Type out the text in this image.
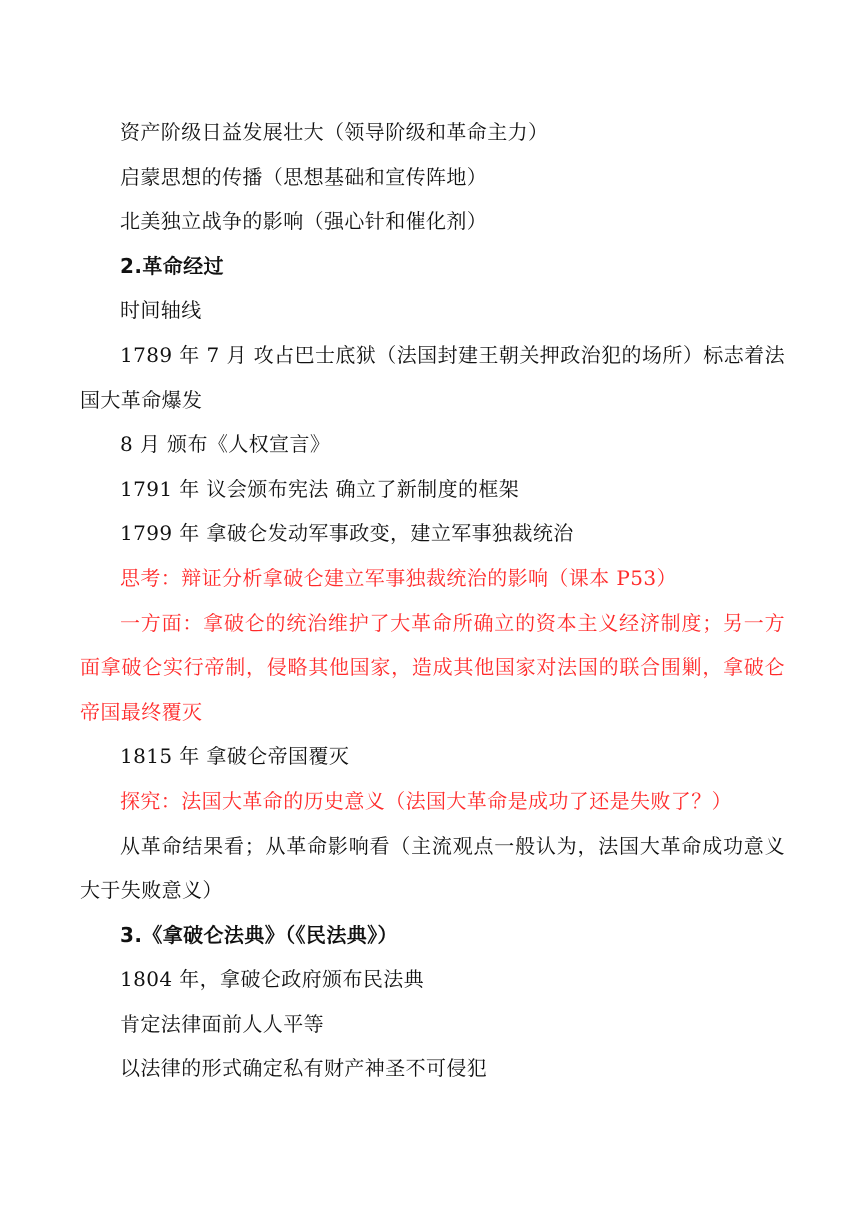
资产阶级日益发展壮大（领导阶级和革命主力）

启蒙思想的传播（思想基础和宣传阵地）

北美独立战争的影响（强心针和催化剂）

2.革命经过

时间轴线

1789 年 7 月 攻占巴士底狱（法国封建王朝关押政治犯的场所）标志着法国大革命爆发

8 月 颁布《人权宣言》

1791 年 议会颁布宪法 确立了新制度的框架

1799 年 拿破仑发动军事政变，建立军事独裁统治

思考：辩证分析拿破仑建立军事独裁统治的影响（课本 P53）

一方面：拿破仑的统治维护了大革命所确立的资本主义经济制度；另一方面拿破仑实行帝制，侵略其他国家，造成其他国家对法国的联合围剿，拿破仑帝国最终覆灭

1815 年 拿破仑帝国覆灭

探究：法国大革命的历史意义（法国大革命是成功了还是失败了？）

从革命结果看；从革命影响看（主流观点一般认为，法国大革命成功意义大于失败意义）

3.《拿破仑法典》（《民法典》）

1804 年，拿破仑政府颁布民法典

肯定法律面前人人平等

以法律的形式确定私有财产神圣不可侵犯
